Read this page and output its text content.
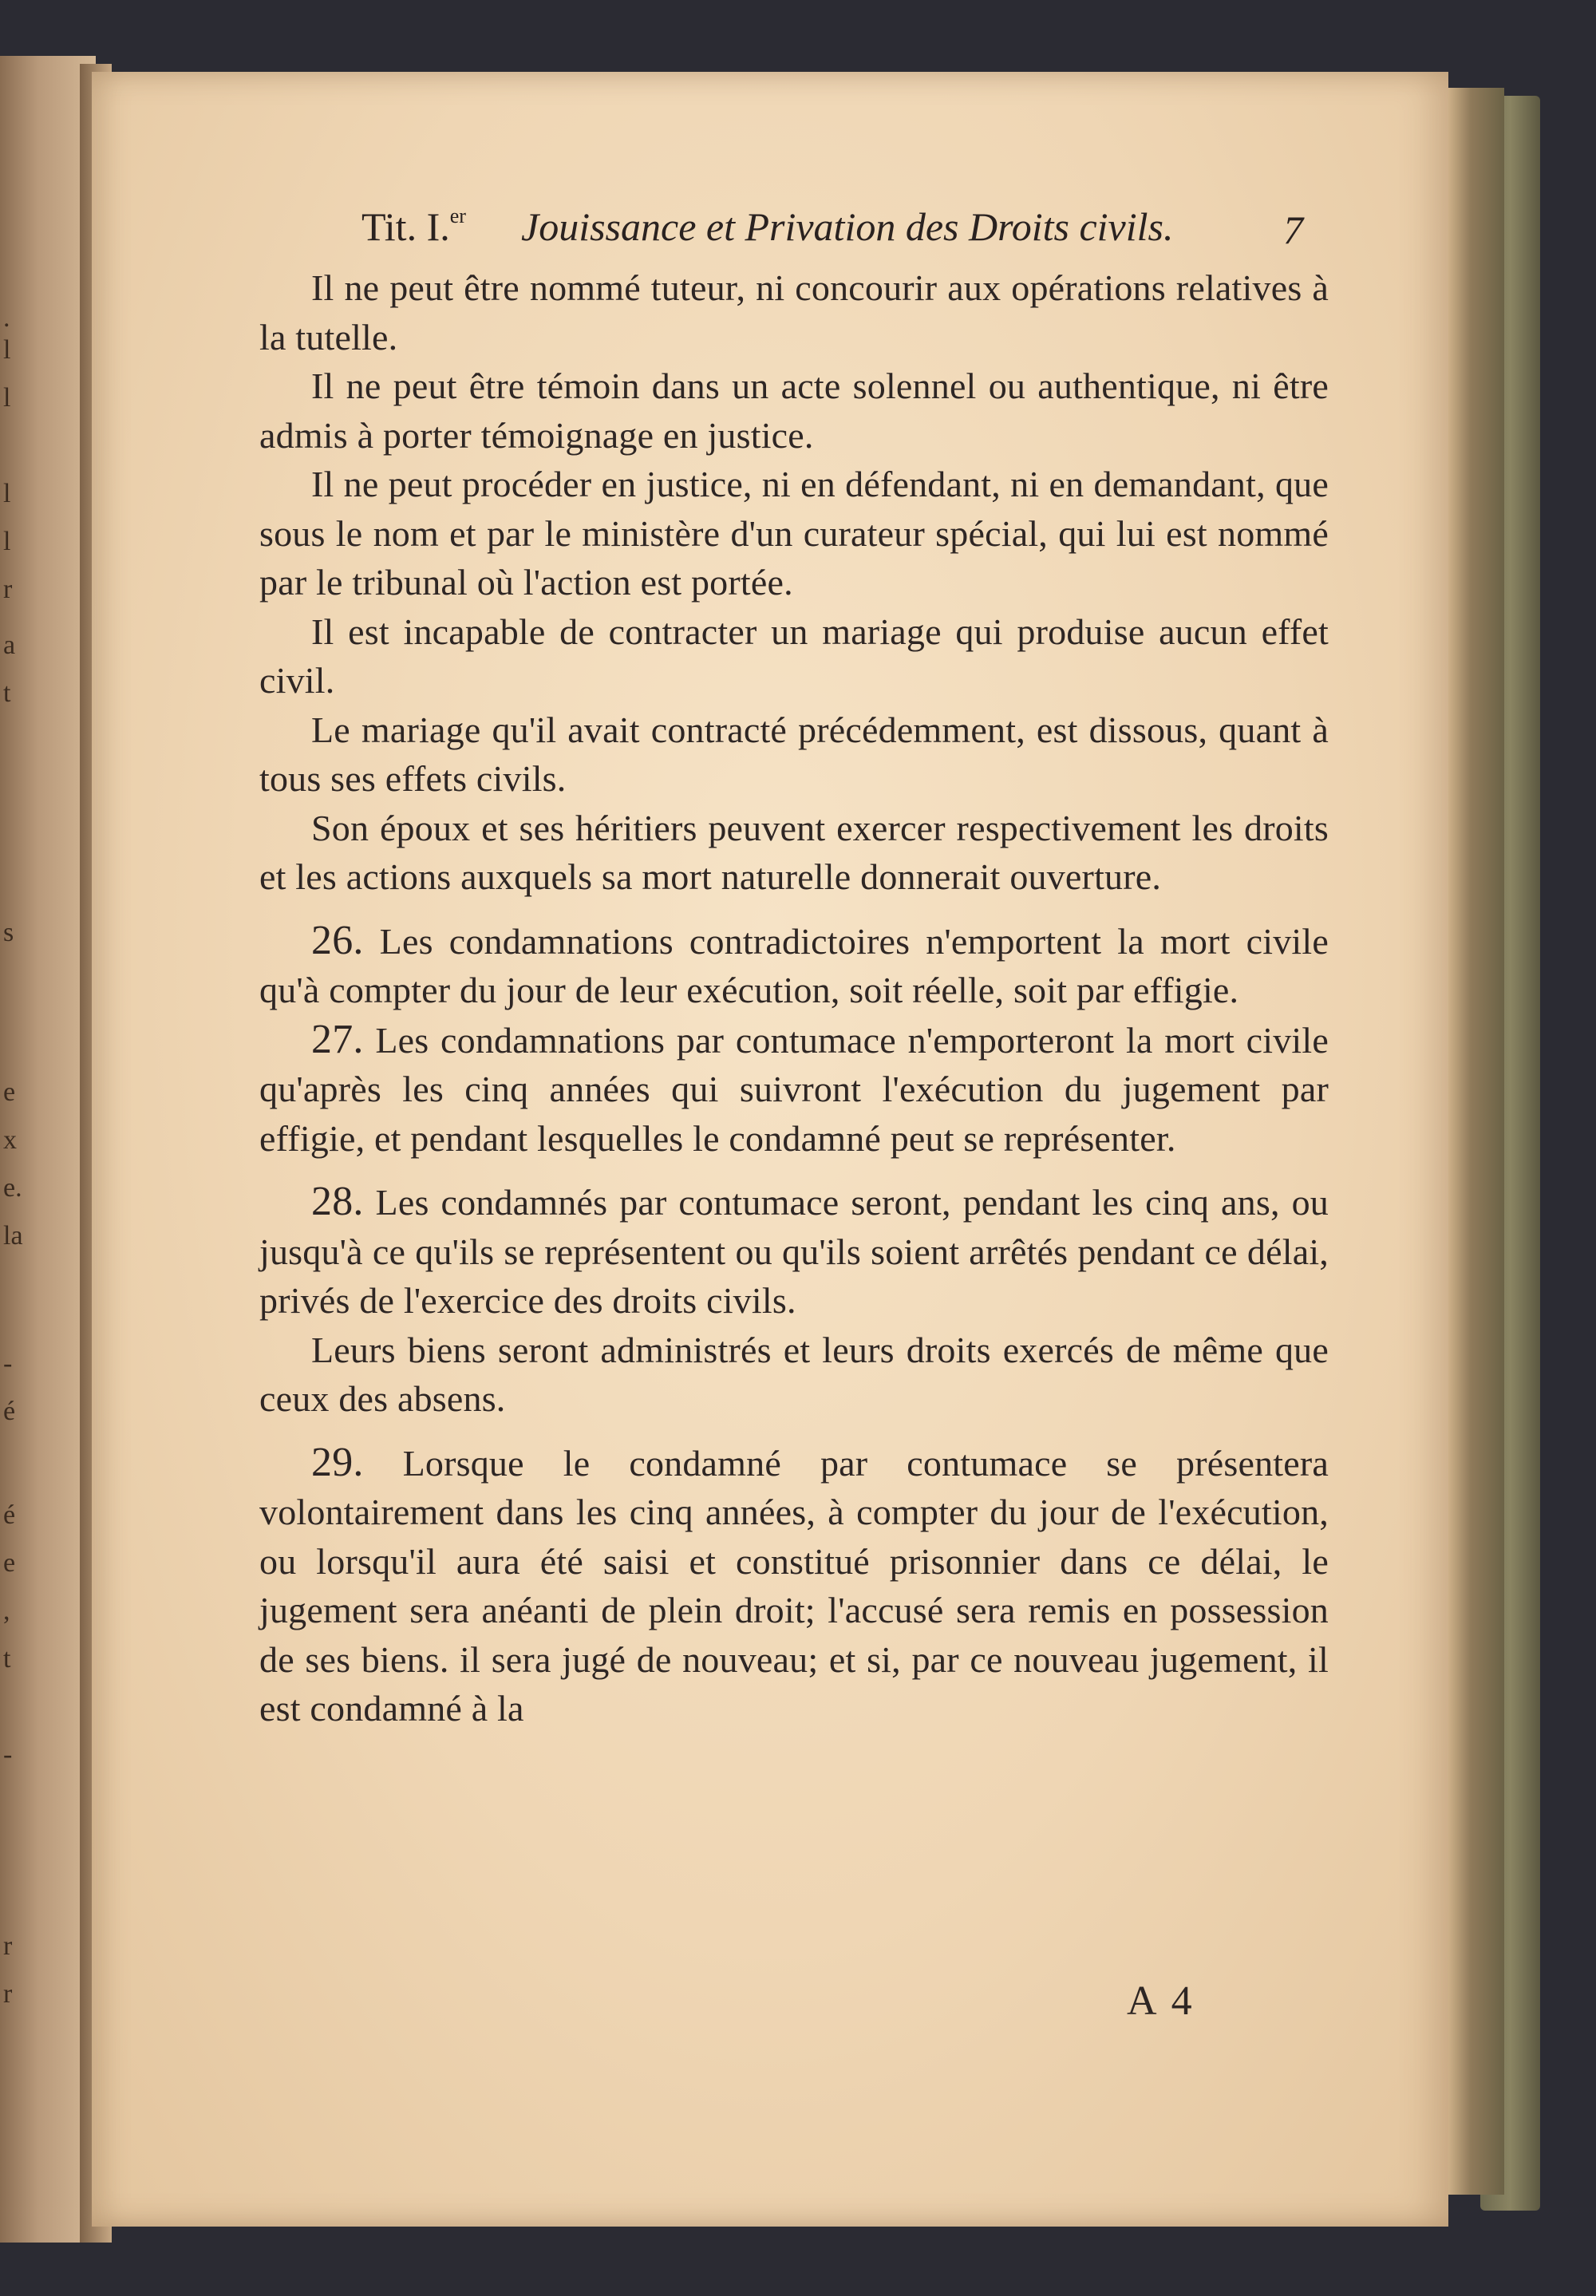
.
l
l
l
l
r
a
t
s
e
x
e.
la
-
é
é
e
,
t
-
r
r
Tit. I.$^{er}$ Jouissance et Privation des Droits civils.	7

Il ne peut être nommé tuteur, ni concourir aux opérations relatives à la tutelle.

Il ne peut être témoin dans un acte solennel ou authentique, ni être admis à porter témoignage en justice.

Il ne peut procéder en justice, ni en défendant, ni en demandant, que sous le nom et par le ministère d'un curateur spécial, qui lui est nommé par le tribunal où l'action est portée.

Il est incapable de contracter un mariage qui produise aucun effet civil.

Le mariage qu'il avait contracté précédemment, est dissous, quant à tous ses effets civils.

Son époux et ses héritiers peuvent exercer respectivement les droits et les actions auxquels sa mort naturelle donnerait ouverture.

26. Les condamnations contradictoires n'emportent la mort civile qu'à compter du jour de leur exécution, soit réelle, soit par effigie.

27. Les condamnations par contumace n'emporteront la mort civile qu'après les cinq années qui suivront l'exécution du jugement par effigie, et pendant lesquelles le condamné peut se représenter.

28. Les condamnés par contumace seront, pendant les cinq ans, ou jusqu'à ce qu'ils se représentent ou qu'ils soient arrêtés pendant ce délai, privés de l'exercice des droits civils.

Leurs biens seront administrés et leurs droits exercés de même que ceux des absens.

29. Lorsque le condamné par contumace se présentera volontairement dans les cinq années, à compter du jour de l'exécution, ou lorsqu'il aura été saisi et constitué prisonnier dans ce délai, le jugement sera anéanti de plein droit; l'accusé sera remis en possession de ses biens. il sera jugé de nouveau; et si, par ce nouveau jugement, il est condamné à la

A 4
